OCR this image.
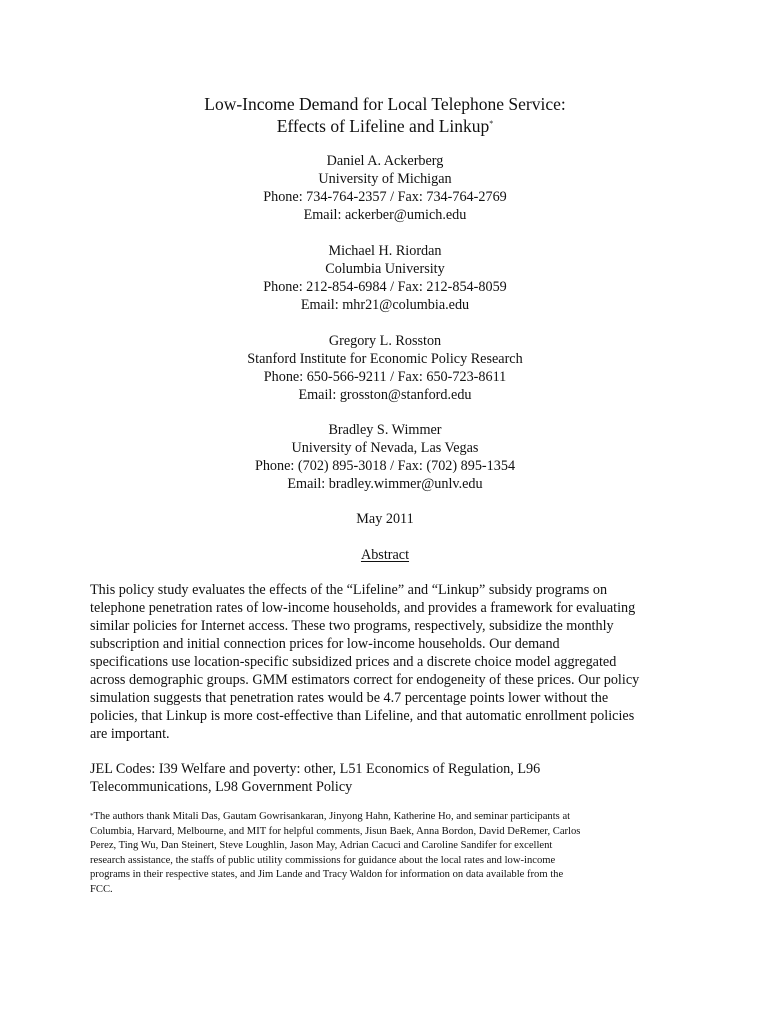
Low-Income Demand for Local Telephone Service:
Effects of Lifeline and Linkup*
Daniel A. Ackerberg
University of Michigan
Phone: 734-764-2357 / Fax: 734-764-2769
Email: ackerber@umich.edu
Michael H. Riordan
Columbia University
Phone: 212-854-6984 / Fax: 212-854-8059
Email: mhr21@columbia.edu
Gregory L. Rosston
Stanford Institute for Economic Policy Research
Phone: 650-566-9211 / Fax: 650-723-8611
Email: grosston@stanford.edu
Bradley S. Wimmer
University of Nevada, Las Vegas
Phone: (702) 895-3018 / Fax: (702) 895-1354
Email: bradley.wimmer@unlv.edu
May 2011
Abstract
This policy study evaluates the effects of the “Lifeline” and “Linkup” subsidy programs on
telephone penetration rates of low-income households, and provides a framework for evaluating
similar policies for Internet access. These two programs, respectively, subsidize the monthly
subscription and initial connection prices for low-income households. Our demand
specifications use location-specific subsidized prices and a discrete choice model aggregated
across demographic groups. GMM estimators correct for endogeneity of these prices. Our policy
simulation suggests that penetration rates would be 4.7 percentage points lower without the
policies, that Linkup is more cost-effective than Lifeline, and that automatic enrollment policies
are important.
JEL Codes: I39 Welfare and poverty: other, L51 Economics of Regulation, L96
Telecommunications, L98 Government Policy
*The authors thank Mitali Das, Gautam Gowrisankaran, Jinyong Hahn, Katherine Ho, and seminar participants at
Columbia, Harvard, Melbourne, and MIT for helpful comments, Jisun Baek, Anna Bordon, David DeRemer, Carlos
Perez, Ting Wu, Dan Steinert, Steve Loughlin, Jason May, Adrian Cacuci and Caroline Sandifer for excellent
research assistance, the staffs of public utility commissions for guidance about the local rates and low-income
programs in their respective states, and Jim Lande and Tracy Waldon for information on data available from the
FCC.
